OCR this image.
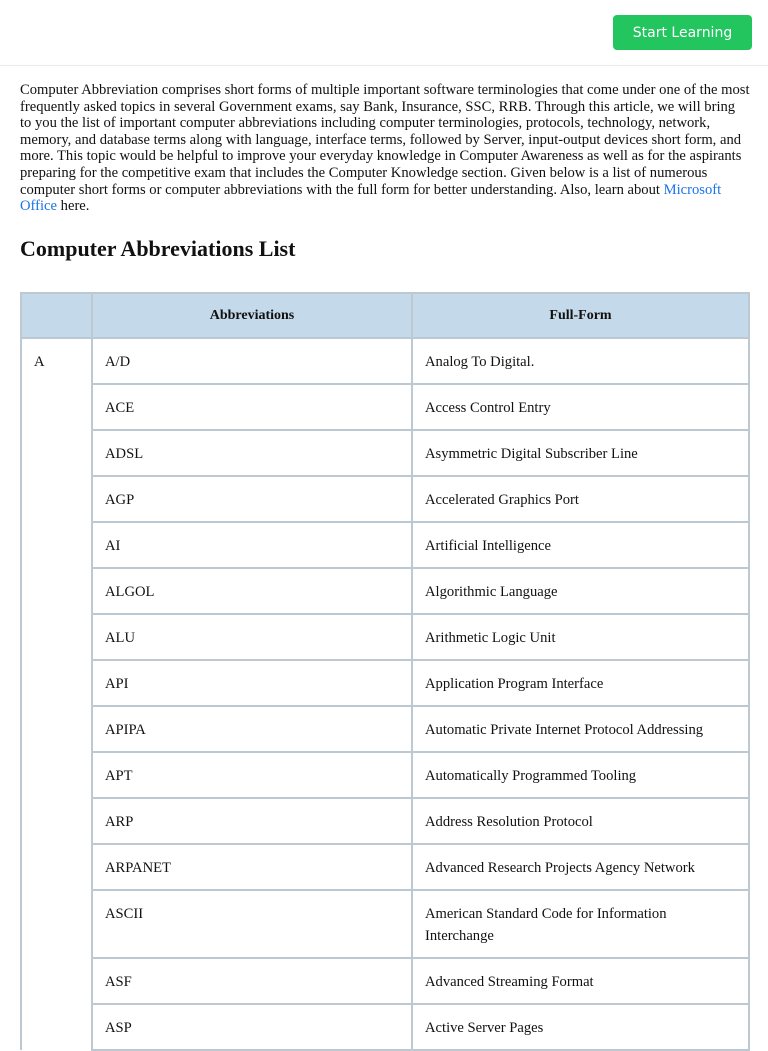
Start Learning

Computer Abbreviation comprises short forms of multiple important software terminologies that come under one of the most frequently asked topics in several Government exams, say Bank, Insurance, SSC, RRB. Through this article, we will bring to you the list of important computer abbreviations including computer terminologies, protocols, technology, network, memory, and database terms along with language, interface terms, followed by Server, input-output devices short form, and more. This topic would be helpful to improve your everyday knowledge in Computer Awareness as well as for the aspirants preparing for the competitive exam that includes the Computer Knowledge section. Given below is a list of numerous computer short forms or computer abbreviations with the full form for better understanding. Also, learn about Microsoft Office here.

Computer Abbreviations List
	Abbreviations	Full-Form
A	A/D	Analog To Digital.
	ACE	Access Control Entry
	ADSL	Asymmetric Digital Subscriber Line
	AGP	Accelerated Graphics Port
	AI	Artificial Intelligence
	ALGOL	Algorithmic Language
	ALU	Arithmetic Logic Unit
	API	Application Program Interface
	APIPA	Automatic Private Internet Protocol Addressing
	APT	Automatically Programmed Tooling
	ARP	Address Resolution Protocol
	ARPANET	Advanced Research Projects Agency Network
	ASCII	American Standard Code for Information Interchange
	ASF	Advanced Streaming Format
	ASP	Active Server Pages
